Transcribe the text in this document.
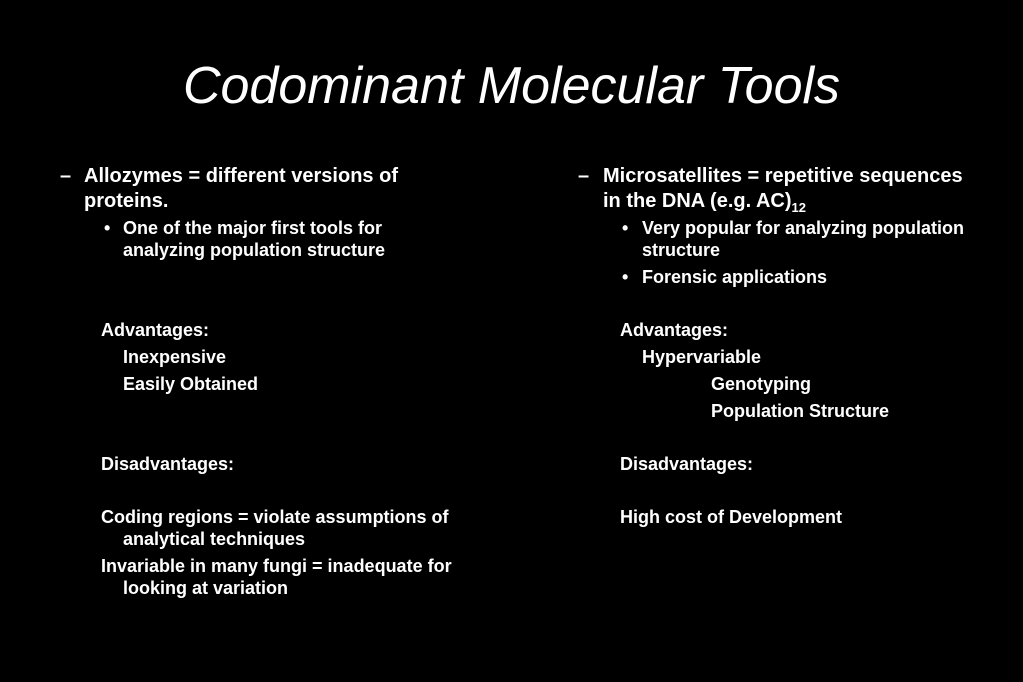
Codominant Molecular Tools
– Allozymes = different versions of
proteins.
• One of the major first tools for
analyzing population structure
Advantages:
Inexpensive
Easily Obtained
Disadvantages:
Coding regions = violate assumptions of
analytical techniques
Invariable in many fungi = inadequate for
looking at variation
– Microsatellites = repetitive sequences
in the DNA (e.g. $AC)_{12}$
• Very popular for analyzing population
structure
• Forensic applications
Advantages:
Hypervariable
Genotyping
Population Structure
Disadvantages:
High cost of Development
